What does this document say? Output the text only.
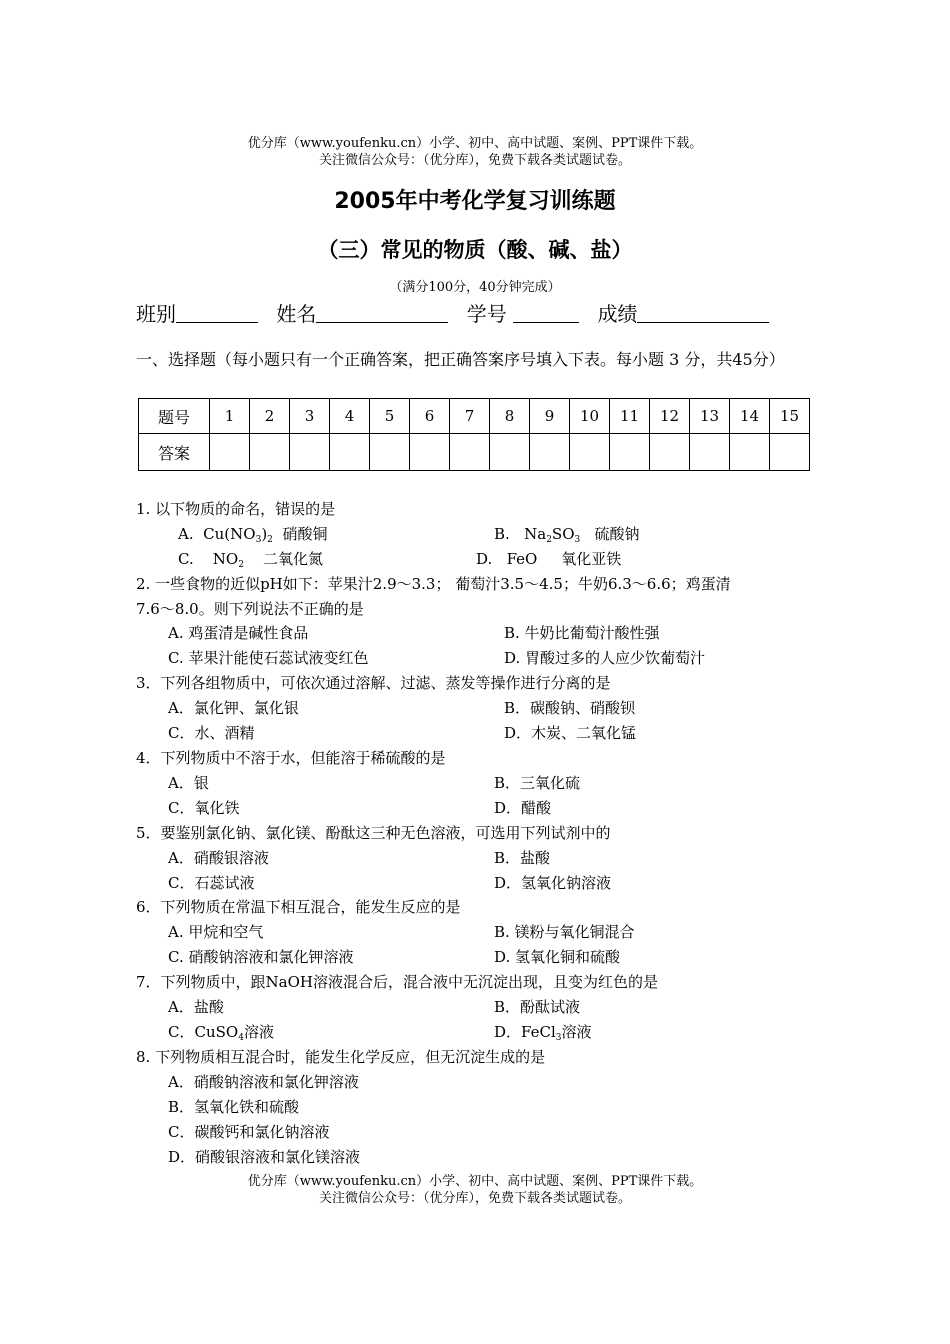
优分库（www.youfenku.cn）小学、初中、高中试题、案例、PPT课件下载。
关注微信公众号：（优分库），免费下载各类试题试卷。
2005年中考化学复习训练题
（三）常见的物质（酸、碱、盐）
（满分100分，40分钟完成）
班别	姓名	学号	成绩
一、选择题（每小题只有一个正确答案，把正确答案序号填入下表。每小题 3 分，共45分）
题号	1	2	3	4	5	6	7	8	9	10	11	12	13	14	15
答案															
1. 以下物质的命名，错误的是
A. $Cu(NO_3)_2$ 硝酸铜	B. $Na_2SO_3$ 硫酸钠
C. $NO_2$ 二氧化氮	D. FeO 氧化亚铁
2. 一些食物的近似pH如下：苹果汁2.9～3.3； 葡萄汁3.5～4.5；牛奶6.3～6.6；鸡蛋清
7.6～8.0。则下列说法不正确的是
A. 鸡蛋清是碱性食品	B. 牛奶比葡萄汁酸性强
C. 苹果汁能使石蕊试液变红色	D. 胃酸过多的人应少饮葡萄汁
3．下列各组物质中，可依次通过溶解、过滤、蒸发等操作进行分离的是
A．氯化钾、氯化银	B．碳酸钠、硝酸钡
C．水、酒精	D．木炭、二氧化锰
4．下列物质中不溶于水，但能溶于稀硫酸的是
A．银	B．三氧化硫
C．氧化铁	D．醋酸
5．要鉴别氯化钠、氯化镁、酚酞这三种无色溶液，可选用下列试剂中的
A．硝酸银溶液	B．盐酸
C．石蕊试液	D．氢氧化钠溶液
6．下列物质在常温下相互混合，能发生反应的是
A. 甲烷和空气	B. 镁粉与氧化铜混合
C. 硝酸钠溶液和氯化钾溶液	D. 氢氧化铜和硫酸
7．下列物质中，跟NaOH溶液混合后，混合液中无沉淀出现，且变为红色的是
A．盐酸	B．酚酞试液
C．CuSO$_4$溶液	D．FeCl$_3$溶液
8. 下列物质相互混合时，能发生化学反应，但无沉淀生成的是
A．硝酸钠溶液和氯化钾溶液
B．氢氧化铁和硫酸
C．碳酸钙和氯化钠溶液
D．硝酸银溶液和氯化镁溶液
优分库（www.youfenku.cn）小学、初中、高中试题、案例、PPT课件下载。
关注微信公众号：（优分库），免费下载各类试题试卷。
